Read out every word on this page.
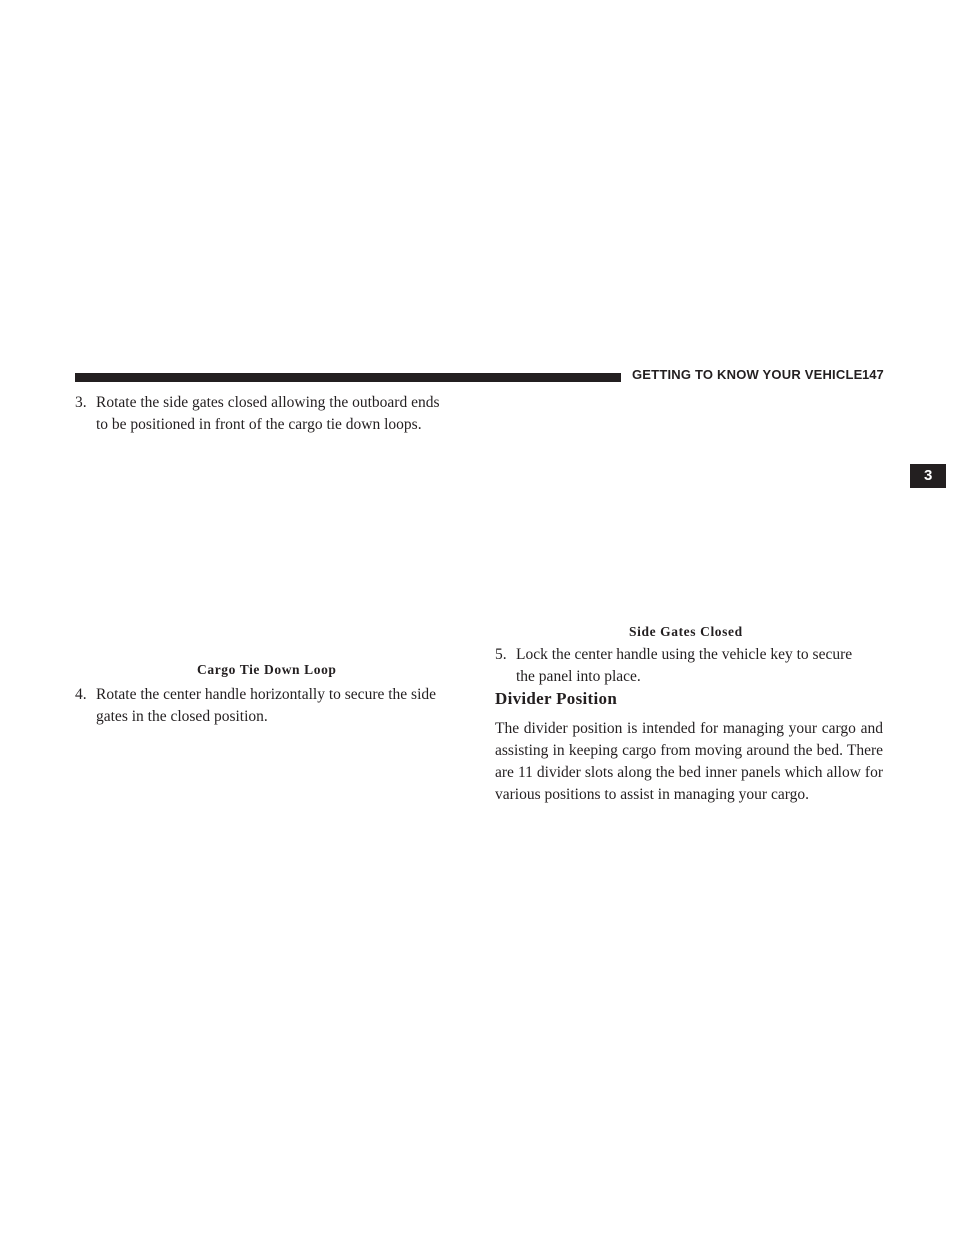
GETTING TO KNOW YOUR VEHICLE 147
3
3. Rotate the side gates closed allowing the outboard ends
to be positioned in front of the cargo tie down loops.
Cargo Tie Down Loop
4. Rotate the center handle horizontally to secure the side
gates in the closed position.
Side Gates Closed
5. Lock the center handle using the vehicle key to secure
the panel into place.
Divider Position

The divider position is intended for managing your cargo and assisting in keeping cargo from moving around the bed. There are 11 divider slots along the bed inner panels which allow for various positions to assist in managing your cargo.
